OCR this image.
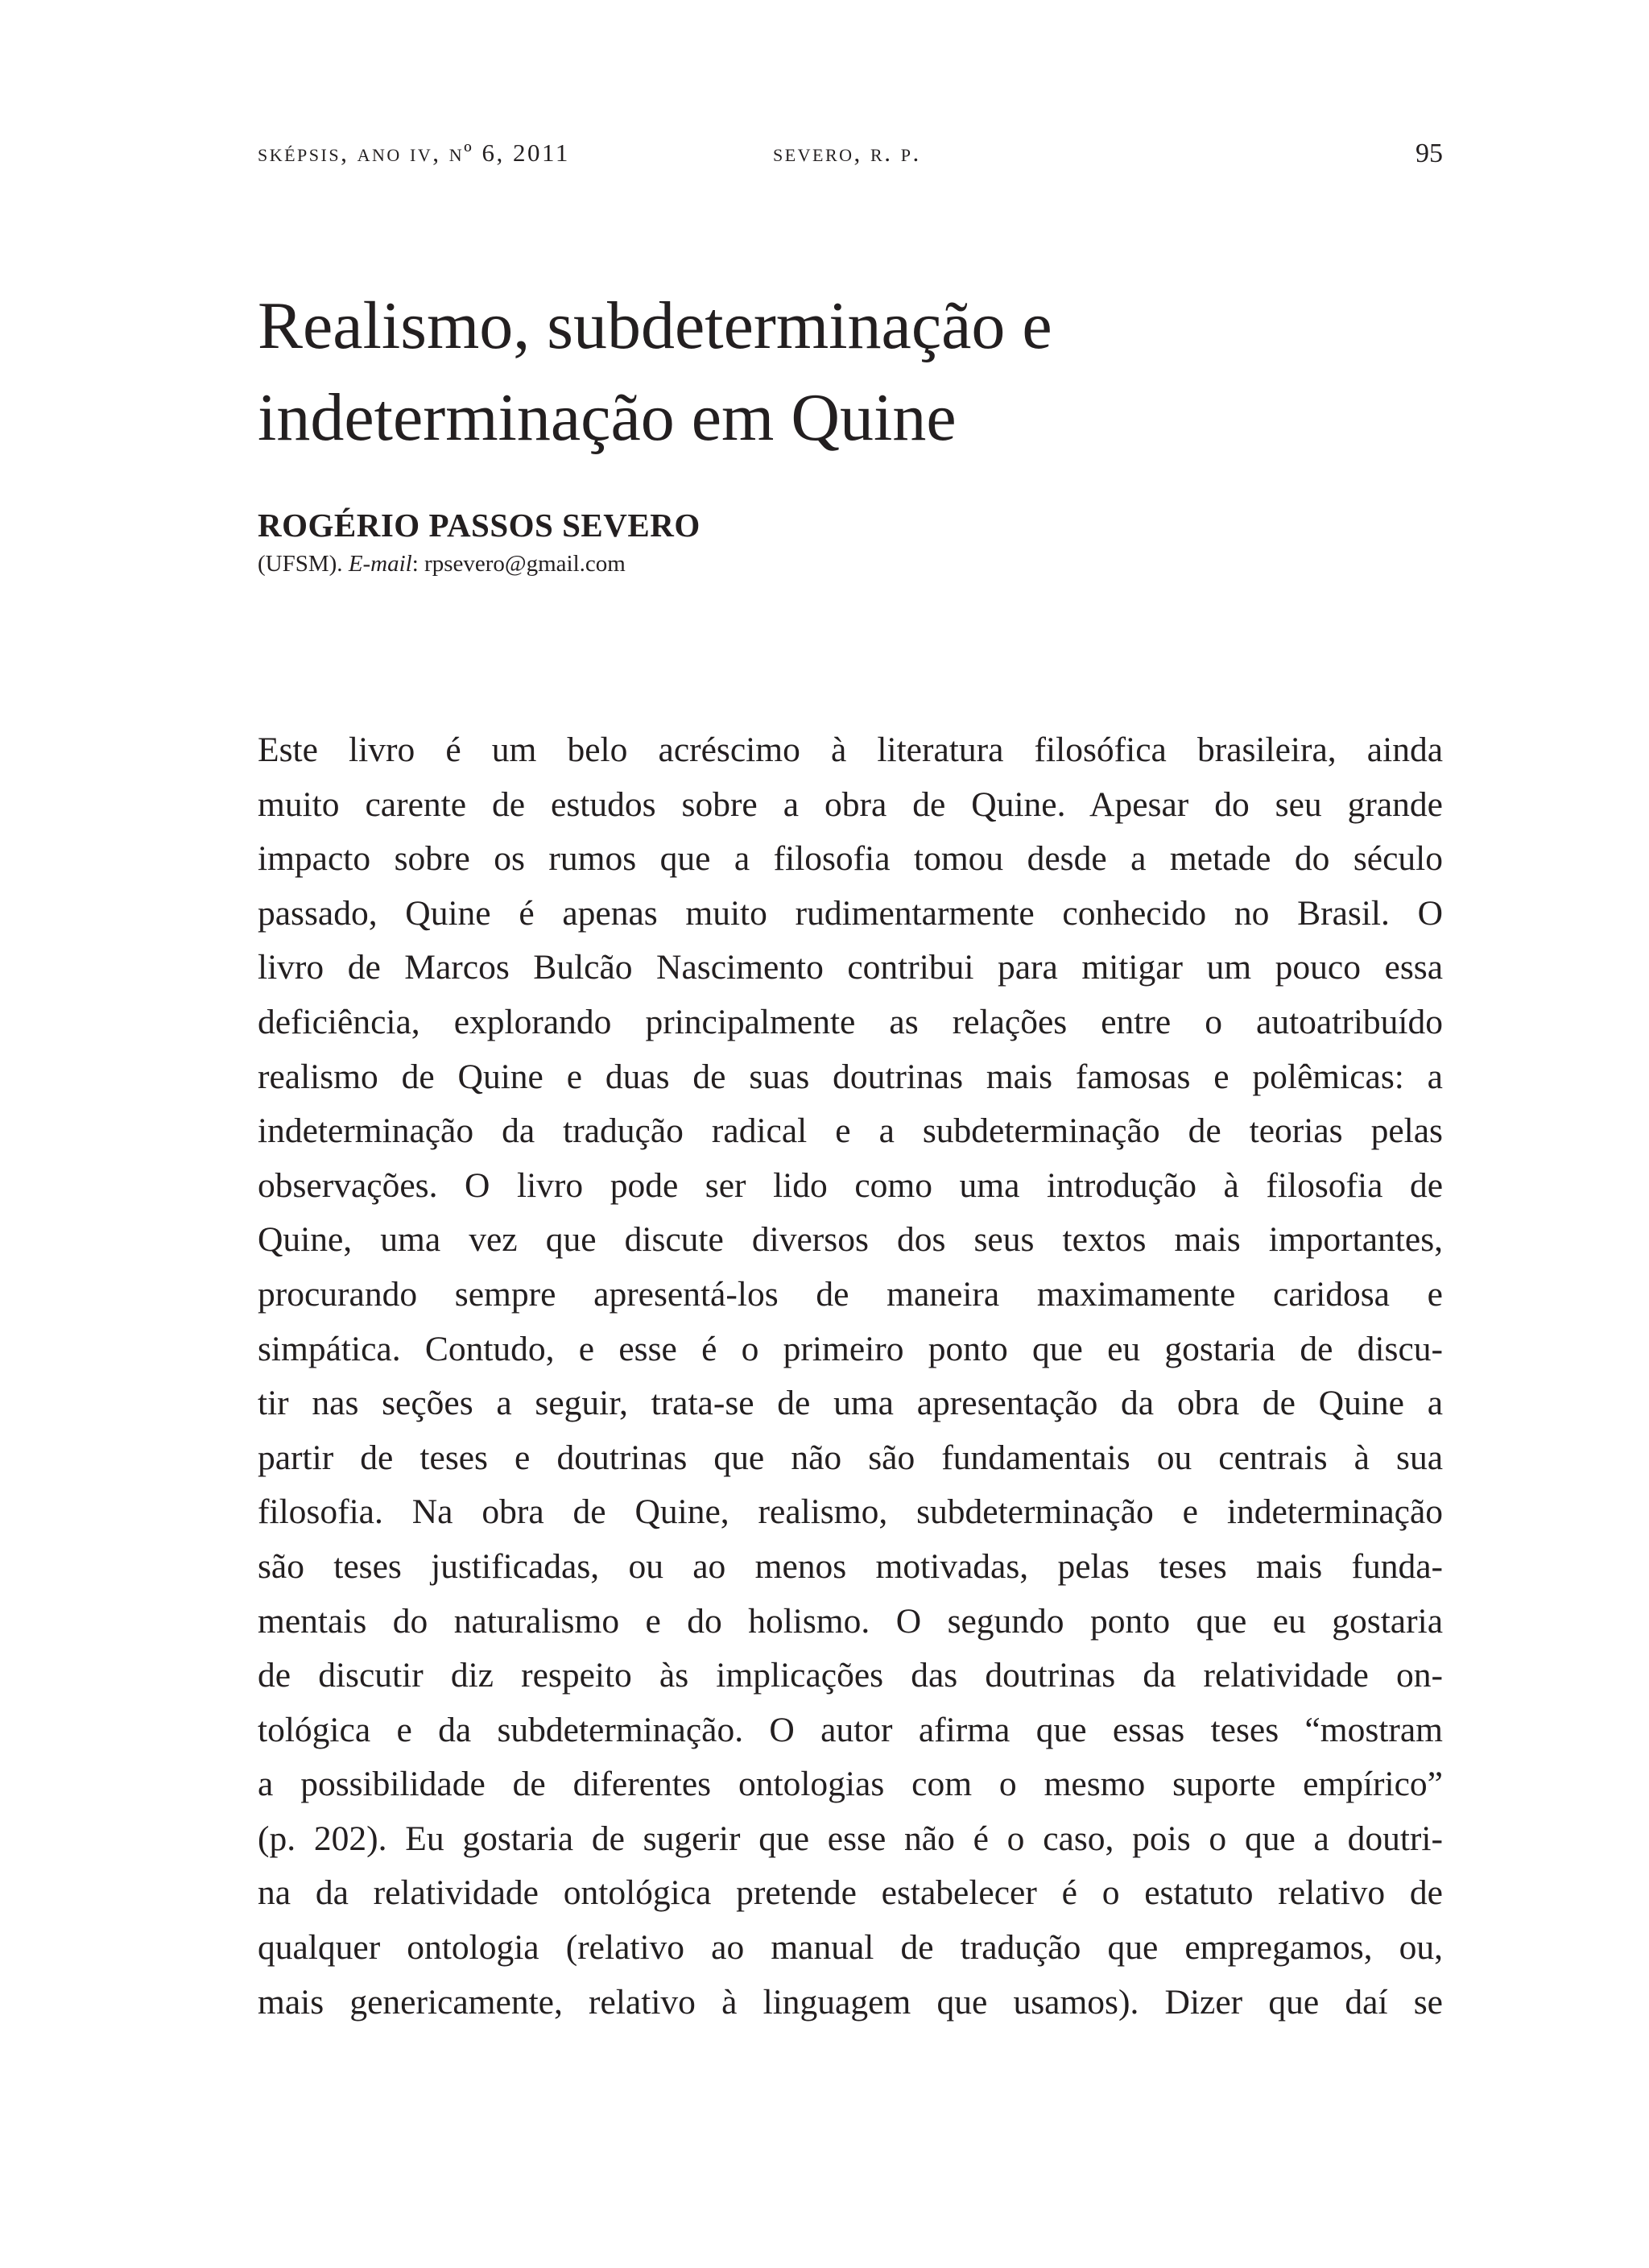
sképsis, ano iv, nº 6, 2011	severo, r. p.	95
Realismo, subdeterminação e
indeterminação em Quine
ROGÉRIO PASSOS SEVERO
(UFSM). E-mail: rpsevero@gmail.com
Este livro é um belo acréscimo à literatura filosófica brasileira, ainda
muito carente de estudos sobre a obra de Quine. Apesar do seu grande
impacto sobre os rumos que a filosofia tomou desde a metade do século
passado, Quine é apenas muito rudimentarmente conhecido no Brasil. O
livro de Marcos Bulcão Nascimento contribui para mitigar um pouco essa
deficiência, explorando principalmente as relações entre o autoatribuído
realismo de Quine e duas de suas doutrinas mais famosas e polêmicas: a
indeterminação da tradução radical e a subdeterminação de teorias pelas
observações. O livro pode ser lido como uma introdução à filosofia de
Quine, uma vez que discute diversos dos seus textos mais importantes,
procurando sempre apresentá-los de maneira maximamente caridosa e
simpática. Contudo, e esse é o primeiro ponto que eu gostaria de discu-
tir nas seções a seguir, trata-se de uma apresentação da obra de Quine a
partir de teses e doutrinas que não são fundamentais ou centrais à sua
filosofia. Na obra de Quine, realismo, subdeterminação e indeterminação
são teses justificadas, ou ao menos motivadas, pelas teses mais funda-
mentais do naturalismo e do holismo. O segundo ponto que eu gostaria
de discutir diz respeito às implicações das doutrinas da relatividade on-
tológica e da subdeterminação. O autor afirma que essas teses “mostram
a possibilidade de diferentes ontologias com o mesmo suporte empírico”
(p. 202). Eu gostaria de sugerir que esse não é o caso, pois o que a doutri-
na da relatividade ontológica pretende estabelecer é o estatuto relativo de
qualquer ontologia (relativo ao manual de tradução que empregamos, ou,
mais genericamente, relativo à linguagem que usamos). Dizer que daí se
